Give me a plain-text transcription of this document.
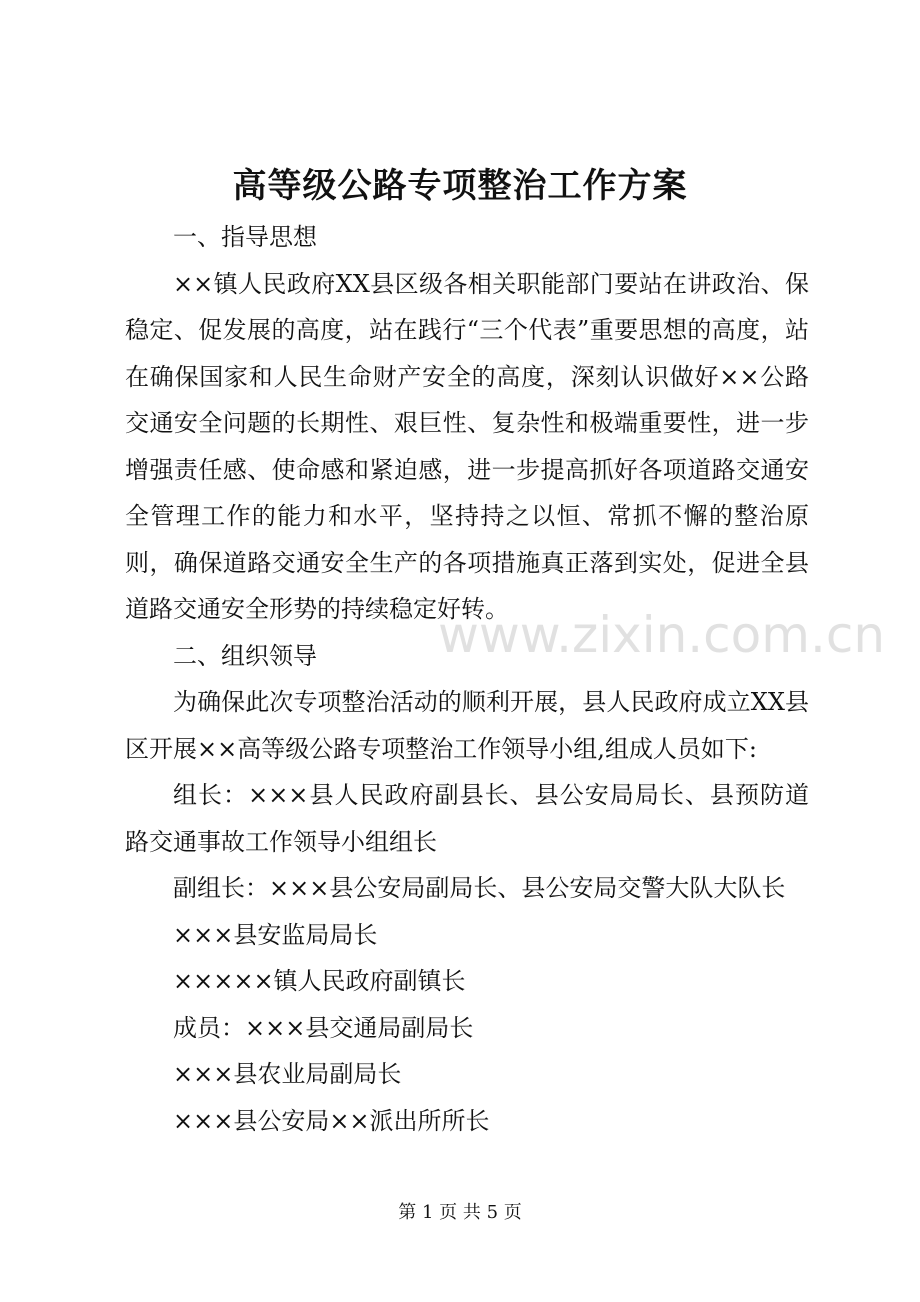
高等级公路专项整治工作方案

一、指导思想

××镇人民政府XX县区级各相关职能部门要站在讲政治、保稳定、促发展的高度，站在践行“三个代表”重要思想的高度，站在确保国家和人民生命财产安全的高度，深刻认识做好××公路交通安全问题的长期性、艰巨性、复杂性和极端重要性，进一步增强责任感、使命感和紧迫感，进一步提高抓好各项道路交通安全管理工作的能力和水平，坚持持之以恒、常抓不懈的整治原则，确保道路交通安全生产的各项措施真正落到实处，促进全县道路交通安全形势的持续稳定好转。

二、组织领导

为确保此次专项整治活动的顺利开展，县人民政府成立XX县区开展××高等级公路专项整治工作领导小组,组成人员如下:

组长：×××县人民政府副县长、县公安局局长、县预防道路交通事故工作领导小组组长

副组长：×××县公安局副局长、县公安局交警大队大队长

×××县安监局局长

×××××镇人民政府副镇长

成员：×××县交通局副局长

×××县农业局副局长

×××县公安局××派出所所长

www.zixin.com.cn
第 1 页 共 5 页
